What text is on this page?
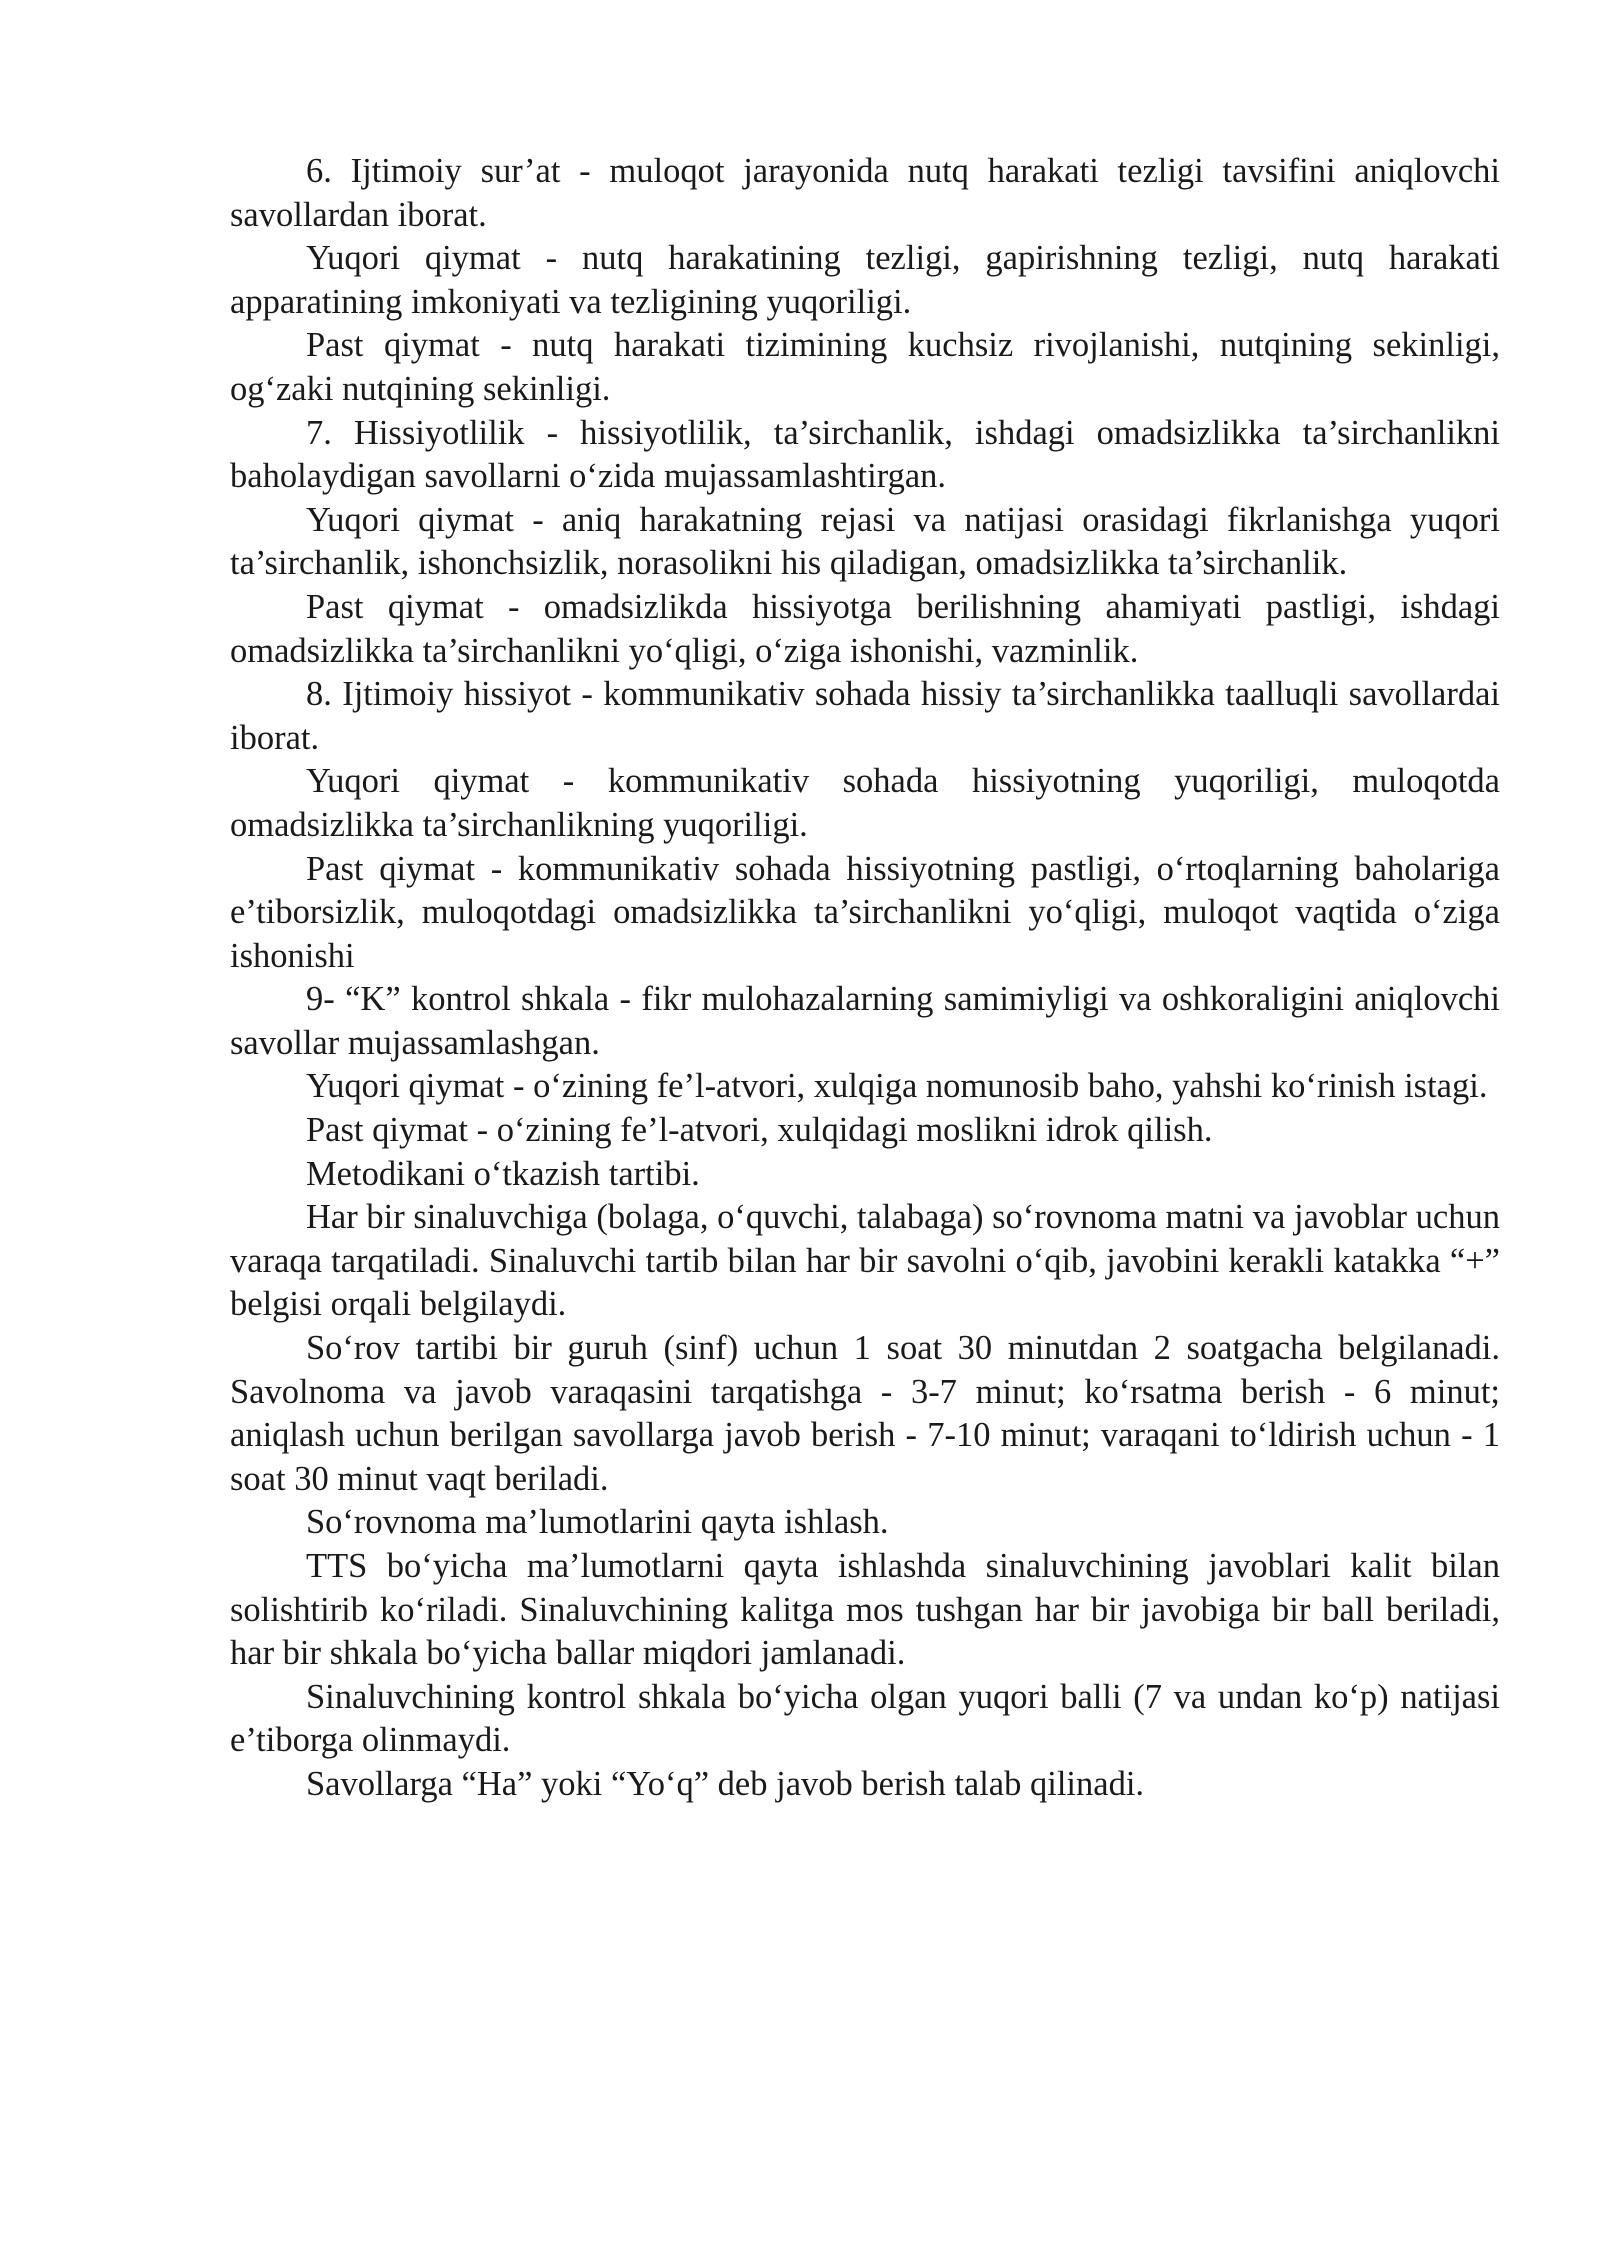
6. Ijtimoiy sur’at - muloqot jarayonida nutq harakati tezligi tavsifini aniqlovchi savollardan iborat.

Yuqori qiymat - nutq harakatining tezligi, gapirishning tezligi, nutq harakati apparatining imkoniyati va tezligining yuqoriligi.

Past qiymat - nutq harakati tizimining kuchsiz rivojlanishi, nutqining sekinligi, og‘zaki nutqining sekinligi.

7. Hissiyotlilik - hissiyotlilik, ta’sirchanlik, ishdagi omadsizlikka ta’sirchanlikni baholaydigan savollarni o‘zida mujassamlashtirgan.

Yuqori qiymat - aniq harakatning rejasi va natijasi orasidagi fikrlanishga yuqori ta’sirchanlik, ishonchsizlik, norasolikni his qiladigan, omadsizlikka ta’sirchanlik.

Past qiymat - omadsizlikda hissiyotga berilishning ahamiyati pastligi, ishdagi omadsizlikka ta’sirchanlikni yo‘qligi, o‘ziga ishonishi, vazminlik.

8. Ijtimoiy hissiyot - kommunikativ sohada hissiy ta’sirchanlikka taalluqli savollardai iborat.

Yuqori qiymat - kommunikativ sohada hissiyotning yuqoriligi, muloqotda omadsizlikka ta’sirchanlikning yuqoriligi.

Past qiymat - kommunikativ sohada hissiyotning pastligi, o‘rtoqlarning baholariga e’tiborsizlik, muloqotdagi omadsizlikka ta’sirchanlikni yo‘qligi, muloqot vaqtida o‘ziga ishonishi

9- “K” kontrol shkala - fikr mulohazalarning samimiyligi va oshkoraligini aniqlovchi savollar mujassamlashgan.

Yuqori qiymat - o‘zining fe’l-atvori, xulqiga nomunosib baho, yahshi ko‘rinish istagi.

Past qiymat - o‘zining fe’l-atvori, xulqidagi moslikni idrok qilish.

Metodikani o‘tkazish tartibi.

Har bir sinaluvchiga (bolaga, o‘quvchi, talabaga) so‘rovnoma matni va javoblar uchun varaqa tarqatiladi. Sinaluvchi tartib bilan har bir savolni o‘qib, javobini kerakli katakka “+” belgisi orqali belgilaydi.

So‘rov tartibi bir guruh (sinf) uchun 1 soat 30 minutdan 2 soatgacha belgilanadi. Savolnoma va javob varaqasini tarqatishga - 3-7 minut; ko‘rsatma berish - 6 minut; aniqlash uchun berilgan savollarga javob berish - 7-10 minut; varaqani to‘ldirish uchun - 1 soat 30 minut vaqt beriladi.

So‘rovnoma ma’lumotlarini qayta ishlash.

TTS bo‘yicha ma’lumotlarni qayta ishlashda sinaluvchining javoblari kalit bilan solishtirib ko‘riladi. Sinaluvchining kalitga mos tushgan har bir javobiga bir ball beriladi, har bir shkala bo‘yicha ballar miqdori jamlanadi.

Sinaluvchining kontrol shkala bo‘yicha olgan yuqori balli (7 va undan ko‘p) natijasi e’tiborga olinmaydi.

Savollarga “Ha” yoki “Yo‘q” deb javob berish talab qilinadi.
